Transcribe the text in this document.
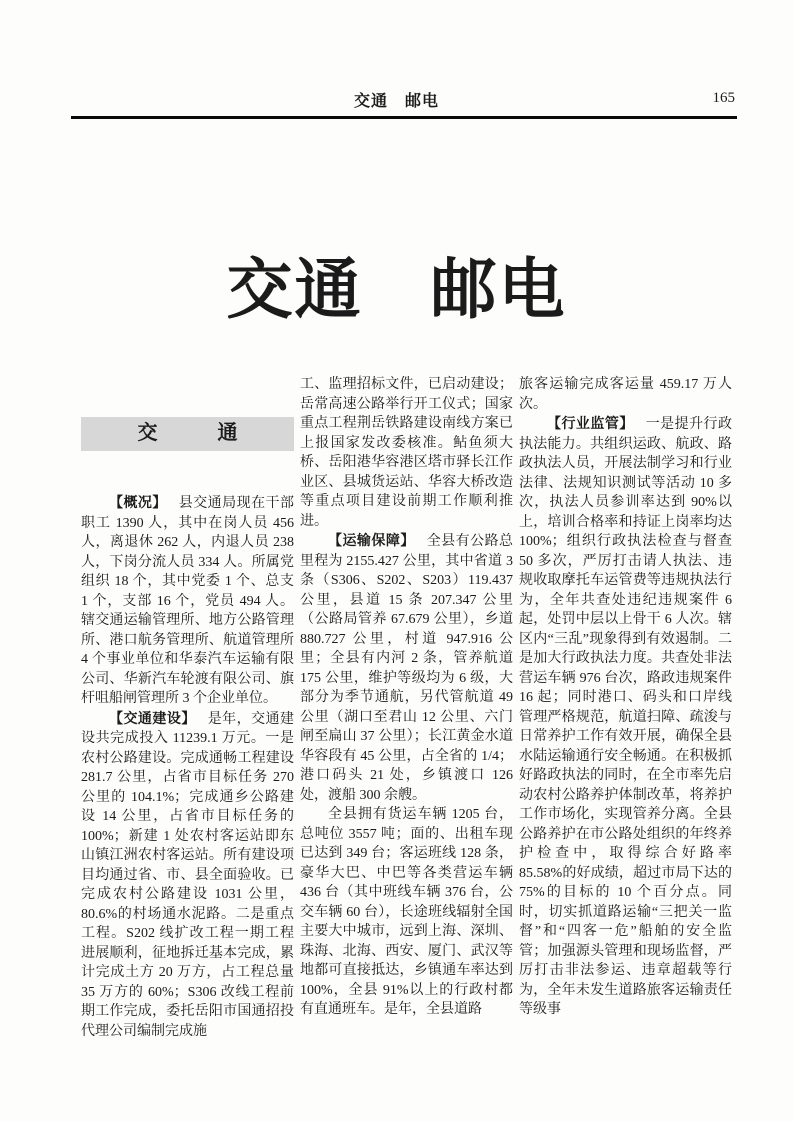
交通　邮电	165
交通　邮电
交　　　通

【概况】 县交通局现在干部职工 1390 人，其中在岗人员 456 人，离退休 262 人，内退人员 238 人，下岗分流人员 334 人。所属党组织 18 个，其中党委 1 个、总支 1 个，支部 16 个，党员 494 人。辖交通运输管理所、地方公路管理所、港口航务管理所、航道管理所 4 个事业单位和华泰汽车运输有限公司、华新汽车轮渡有限公司、旗杆咀船闸管理所 3 个企业单位。

【交通建设】 是年，交通建设共完成投入 11239.1 万元。一是农村公路建设。完成通畅工程建设 281.7 公里，占省市目标任务 270 公里的 104.1%；完成通乡公路建设 14 公里，占省市目标任务的 100%；新建 1 处农村客运站即东山镇江洲农村客运站。所有建设项目均通过省、市、县全面验收。已完成农村公路建设 1031 公里，80.6%的村场通水泥路。二是重点工程。S202 线扩改工程一期工程进展顺利，征地拆迁基本完成，累计完成土方 20 万方，占工程总量 35 万方的 60%；S306 改线工程前期工作完成，委托岳阳市国通招投代理公司编制完成施

工、监理招标文件，已启动建设；岳常高速公路举行开工仪式；国家重点工程荆岳铁路建设南线方案已上报国家发改委核准。鲇鱼须大桥、岳阳港华容港区塔市驿长江作业区、县城货运站、华容大桥改造等重点项目建设前期工作顺利推进。

【运输保障】 全县有公路总里程为 2155.427 公里，其中省道 3 条（S306、S202、S203）119.437 公里，县道 15 条 207.347 公里（公路局管养 67.679 公里），乡道 880.727 公里，村道 947.916 公里；全县有内河 2 条，管养航道 175 公里，维护等级均为 6 级，大部分为季节通航，另代管航道 49 公里（湖口至君山 12 公里、六门闸至扁山 37 公里）；长江黄金水道华容段有 45 公里，占全省的 1/4；港口码头 21 处，乡镇渡口 126 处，渡船 300 余艘。

全县拥有货运车辆 1205 台，总吨位 3557 吨；面的、出租车现已达到 349 台；客运班线 128 条，豪华大巴、中巴等各类营运车辆 436 台（其中班线车辆 376 台，公交车辆 60 台），长途班线辐射全国主要大中城市，远到上海、深圳、珠海、北海、西安、厦门、武汉等地都可直接抵达，乡镇通车率达到 100%，全县 91%以上的行政村都有直通班车。是年，全县道路

旅客运输完成客运量 459.17 万人次。

【行业监管】 一是提升行政执法能力。共组织运政、航政、路政执法人员，开展法制学习和行业法律、法规知识测试等活动 10 多次，执法人员参训率达到 90%以上，培训合格率和持证上岗率均达 100%；组织行政执法检查与督查 50 多次，严厉打击请人执法、违规收取摩托车运管费等违规执法行为，全年共查处违纪违规案件 6 起，处罚中层以上骨干 6 人次。辖区内“三乱”现象得到有效遏制。二是加大行政执法力度。共查处非法营运车辆 976 台次，路政违规案件 16 起；同时港口、码头和口岸线管理严格规范，航道扫障、疏浚与日常养护工作有效开展，确保全县水陆运输通行安全畅通。在积极抓好路政执法的同时，在全市率先启动农村公路养护体制改革，将养护工作市场化，实现管养分离。全县公路养护在市公路处组织的年终养护检查中，取得综合好路率 85.58%的好成绩，超过市局下达的 75%的目标的 10 个百分点。同时，切实抓道路运输“三把关一监督”和“四客一危”船舶的安全监管；加强源头管理和现场监督，严厉打击非法参运、违章超载等行为，全年未发生道路旅客运输责任等级事
